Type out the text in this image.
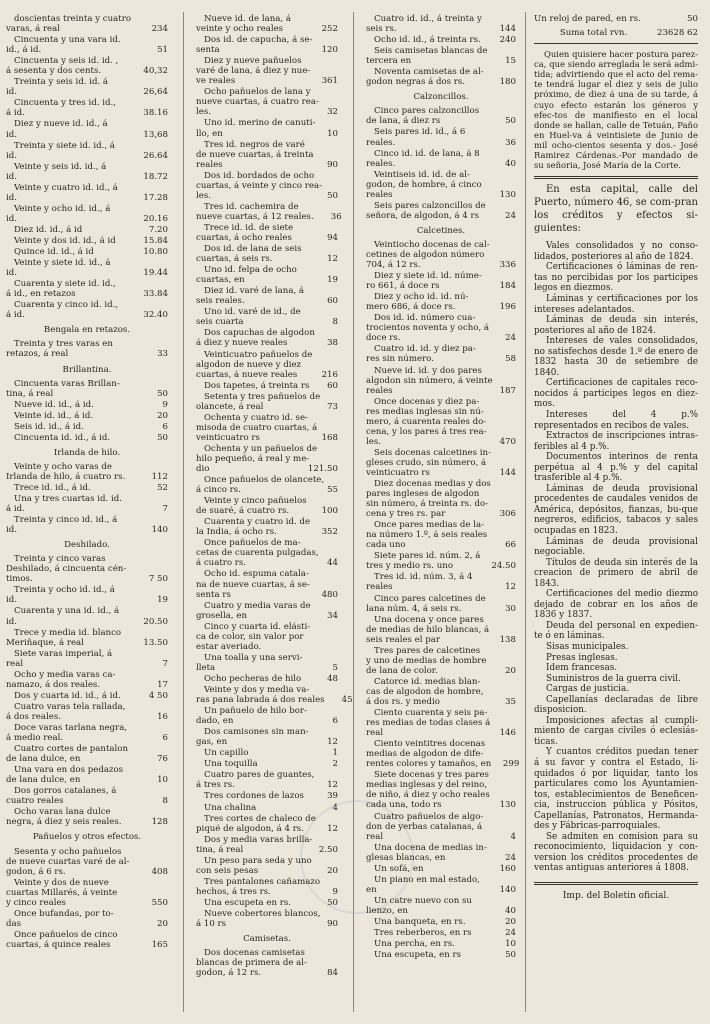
doscientas treinta y cuatro
varas, á real	234
Cincuenta y una vara id.
id., á id.	51
Cincuenta y seis id. id. ,
á sesenta y dos cents.	40,32
Treinta y seis id. id. á
id.	26,64
Cincuenta y tres id. id.,
á id.	38.16
Diez y nueve id. id., á
id.	13,68
Treinta y siete id. id., á
id.	26.64
Veinte y seis id. id., á
id.	18.72
Veinte y cuatro id. id., á
id.	17.28
Veinte y ocho id. id., á
id.	20.16
Diez id. id., á id	7.20
Veinte y dos id. id., á id	15.84
Quince id. id., á id	10.80
Veinte y siete id. id., á
id.	19.44
Cuarenta y siete id. id.,
á id., en retazos	33.84
Cuarenta y cinco id. id.,
á id.	32.40
Bengala en retazos.
Treinta y tres varas en
retazos, á real	33
Brillantina.
Cincuenta varas Brillan-
tina, á real	50
Nueve id. id., á id.	9
Veinte id. id., á id.	20
Seis id. id., á id.	6
Cincuenta id. id., á id.	50
Irlanda de hilo.
Veinte y ocho varas de
Irlanda de hilo, á cuatro rs.	112
Trece id. id., á id.	52
Una y tres cuartas id. id.
á id.	7
Treinta y cinco id. id., á
id.	140
Deshilado.
Treinta y cinco varas
Deshilado, á cincuenta cén-
timos.	7 50
Treinta y ocho id. id., á
id.	19
Cuarenta y una id. id., á
id.	20.50
Trece y media id. blanco
Meriñaque, á real	13.50
Siete varas imperial, á
real	7
Ocho y media varas ca-
namazo, á dos reales.	17
Dos y cuarta id. id., á id.	4 50
Cuatro varas tela rallada,
á dos reales.	16
Doce varas tarlana negra,
á medio real.	6
Cuatro cortes de pantalon
de lana dulce, en	76
Una vara en dos pedazos
de lana dulce, en	10
Dos gorros catalanes, á
cuatro reales	8
Ocho varas lana dulce
negra, á diez y seis reales.	128
Pañuelos y otros efectos.
Sesenta y ocho pañuelos
de nueve cuartas varé de al-
godon, á 6 rs.	408
Veinte y dos de nueve
cuartas Millarés, á veinte
y cinco reales	550
Once bufandas, por to-
das	20
Once pañuelos de cinco
cuartas, á quince reales	165
Nueve id. de lana, á
veinte y ocho reales	252
Dos id. de capucha, á se-
senta	120
Diez y nueve pañuelos
varé de lana, á diez y nue-
ve reales	361
Ocho pañuelos de lana y
nueve cuartas, á cuatro rea-
les.	32
Uno id. merino de canuti-
llo, en	10
Tres id. negros de varé
de nueve cuartas, á treinta
reales	90
Dos id. bordados de ocho
cuartas, á veinte y cinco rea-
les.	50
Tres id. cachemira de
nueve cuartas, á 12 reales.	36
Trece id. id. de siete
cuartas, á ocho reales	94
Dos id. de lana de seis
cuartas, á seis rs.	12
Uno id. felpa de ocho
cuartas, en	19
Diez id. varé de lana, á
seis reales.	60
Uno id. varé de id., de
seis cuarta	8
Dos capuchas de algodon
á diez y nueve reales	38
Veinticuatro pañuelos de
algodon de nueve y diez
cuartas, á nueve reales	216
Dos tapetes, á treinta rs	60
Setenta y tres pañuelos de
olancete, á real	73
Ochenta y cuatro id. se-
misoda de cuatro cuartas, á
veinticuatro rs	168
Ochenta y un pañuelos de
hilo pequeño, á real y me-
dio	121.50
Once pañuelos de olancete,
á cinco rs.	55
Veinte y cinco pañuelos
de suaré, á cuatro rs.	100
Cuarenta y cuatro id. de
la India, á ocho rs.	352
Once pañuelos de ma-
cetas de cuarenta pulgadas,
á cuatro rs.	44
Ocho id. espuma catala-
na de nueve cuartas, á se-
senta rs	480
Cuatro y media varas de
grosella, en	34
Cinco y cuarta id. elásti-
ca de color, sin valor por
estar averiado.
Una toalla y una servi-
lleta	5
Ocho pecheras de hilo	48
Veinte y dos y media va-
ras pana labrada á dos reales	45
Un pañuelo de hilo bor-
dado, en	6
Dos camisones sin man-
gas, en	12
Un capillo	1
Una toquilla	2
Cuatro pares de guantes,
á tres rs.	12
Tres cordones de lazos	39
Una chalina	4
Tres cortes de chaleco de
piqué de algodon, á 4 rs.	12
Dos y media varas brilla-
tina, á real	2.50
Un peso para seda y uno
con seis pesas	20
Tres pantalones cañamazo
hechos, á tres rs.	9
Una escupeta en rs.	50
Nueve cobertores blancos,
á 10 rs	90
Camisetas.
Dos docenas camisetas
blancas de primera de al-
godon, á 12 rs.	84
Cuatro id. id., á treinta y
seis rs.	144
Ocho id. id., á treinta rs.	240
Seis camisetas blancas de
tercera en	15
Noventa camisetas de al-
godon negras á dos rs.	180
Calzoncillos.
Cinco pares calzoncillos
de lana, á diez rs	50
Seis pares id. id., á 6
reales.	36
Cinco id. id. de lana, á 8
reales.	40
Veintiseis id. id. de al-
godon, de hombre, á cinco
reales	130
Seis pares calzoncillos de
señora, de algodon, á 4 rs	24
Calcetines.
Veintiocho docenas de cal-
cetines de algodon número
704, á 12 rs.	336
Diez y siete id. id. núme-
ro 661, á doce rs	184
Diez y ocho id. id. nú-
mero 686, á doce rs.	196
Dos id. id. número cua-
trocientos noventa y ocho, á
doce rs.	24
Cuatro id. id. y diez pa-
res sin número.	58
Nueve id. id. y dos pares
algodon sin número, á veinte
reales	187
Once docenas y diez pa-
res medias inglesas sin nú-
mero, á cuarenta reales do-
cena, y los pares á tres rea-
les.	470
Seis docenas calcetines in-
gleses crudo, sin número, á
veinticuatro rs	144
Diez docenas medias y dos
pares ingleses de algodon
sin número, á treinta rs. do-
cena y tres rs. par	306
Once pares medias de la-
na número 1.º, á seis reales
cada uno	66
Siete pares id. núm. 2, á
tres y medio rs. uno	24.50
Tres id. id. núm. 3, á 4
reales	12
Cinco pares calcetines de
lana núm. 4, á seis rs.	30
Una docena y once pares
de medias de hilo blancas, á
seis reales el par	138
Tres pares de calcetines
y uno de medias de hombre
de lana de color.	20
Catorce id. medias blan-
cas de algodon de hombre,
á dos rs. y medio	35
Ciento cuarenta y seis pa-
res medias de todas clases á
real	146
Ciento veintitres docenas
medias de algodon de dife-
rentes colores y tamaños, en	299
Siete docenas y tres pares
medias inglesas y del reino,
de niño, á diez y ocho reales
cada una, todo rs	130
Cuatro pañuelos de algo-
don de yerbas catalanas, á
real	4
Una docena de medias in-
glesas blancas, en	24
Un sofá, en	160
Un piano en mal estado,
en	140
Un catre nuevo con su
lienzo, en	40
Una banqueta, en rs.	20
Tres reberberos, en rs	24
Una percha, en rs.	10
Una escupeta, en rs	50
Un reloj de pared, en rs.	50
Suma total rvn.	23628 62
Quien quisiere hacer postura parez-ca, que siendo arreglada le será admi-tida; advirtiendo que el acto del rema-te tendrá lugar el diez y seis de julio próximo, de diez á una de su tarde, á cuyo efecto estarán los géneros y efec-tos de manifiesto en el local donde se hallan, calle de Tetuán, Paño en Huel-va á veintisiete de Junio de mil ocho-cientos sesenta y dos.- José Ramirez Cárdenas.-Por mandado de su señoria, José María de la Corte.
En esta capital, calle del Puerto, número 46, se com-pran los créditos y efectos si-guientes:

Vales consolidados y no conso-lidados, posteriores al año de 1824.

Certificaciones ó láminas de ren-tas no percibidas por los participes legos en diezmos.

Láminas y certificaciones por los intereses adelantados.

Láminas de deuda sin interés, posteriores al año de 1824.

Intereses de vales consolidados, no satisfechos desde 1.º de enero de 1832 hasta 30 de setiembre de 1840.

Certificaciones de capitales reco-nocidos á participes legos en diez-mos.

Intereses del 4 p.% representados en recibos de vales.

Extractos de inscripciones intras-feribles al 4 p.%.

Documentos interinos de renta perpétua al 4 p.% y del capital trasferible al 4 p.%.

Láminas de deuda provisional procedentes de caudales venidos de América, depósitos, fianzas, bu-que negreros, edificios, tabacos y sales ocupadas en 1823.

Láminas de deuda provisional negociable.

Títulos de deuda sin interés de la creacion de primero de abril de 1843.

Certificaciones del medio diezmo dejado de cobrar en los años de 1836 y 1837.

Deuda del personal en expedien-te ó en láminas.

Sisas municipales.

Presas inglesas.

Idem francesas.

Suministros de la guerra civil.

Cargas de justicia.

Capellanías declaradas de libre disposicion.

Imposiciones afectas al cumpli-miento de cargas civiles ó eclesiás-ticas.

Y cuantos créditos puedan tener á su favor y contra el Estado, li-quidados ó por liquidar, tanto los particulares como los Ayuntamien-tos, establecimientos de Beneficen-cia, instruccion pública y Pósitos, Capellanías, Patronatos, Hermanda-des y Fábricas-parroquiales.

Se admiten en comision para su reconocimiento, liquidacion y con-version los créditos procedentes de ventas antiguas anteriores á 1808.

Imp. del Boletin oficial.
